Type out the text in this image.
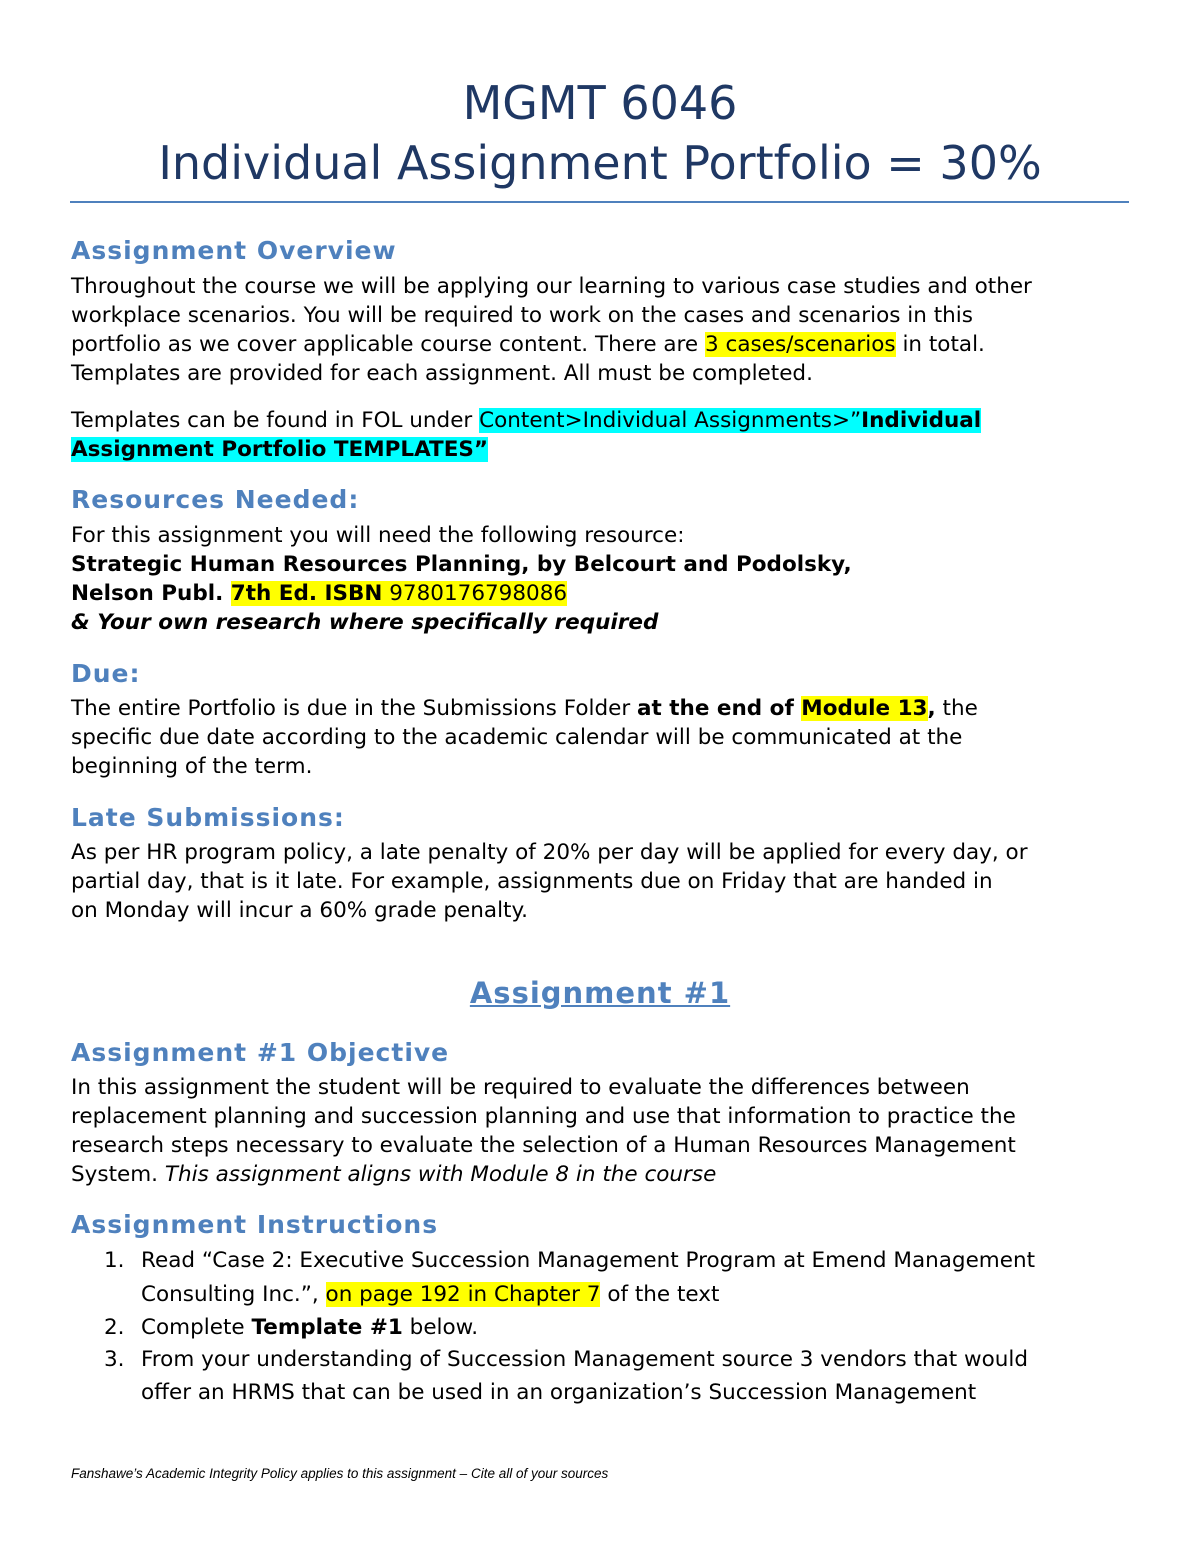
MGMT 6046
Individual Assignment Portfolio = 30%
Assignment Overview
Throughout the course we will be applying our learning to various case studies and other
workplace scenarios. You will be required to work on the cases and scenarios in this
portfolio as we cover applicable course content. There are 3 cases/scenarios in total.
Templates are provided for each assignment. All must be completed.
Templates can be found in FOL under Content>Individual Assignments>”Individual
Assignment Portfolio TEMPLATES”
Resources Needed:
For this assignment you will need the following resource:
Strategic Human Resources Planning, by Belcourt and Podolsky,
Nelson Publ. 7th Ed. ISBN 9780176798086
& Your own research where specifically required
Due:
The entire Portfolio is due in the Submissions Folder at the end of Module 13, the
specific due date according to the academic calendar will be communicated at the
beginning of the term.
Late Submissions:
As per HR program policy, a late penalty of 20% per day will be applied for every day, or
partial day, that is it late. For example, assignments due on Friday that are handed in
on Monday will incur a 60% grade penalty.
Assignment #1
Assignment #1 Objective
In this assignment the student will be required to evaluate the differences between
replacement planning and succession planning and use that information to practice the
research steps necessary to evaluate the selection of a Human Resources Management
System. This assignment aligns with Module 8 in the course
Assignment Instructions
1. Read “Case 2: Executive Succession Management Program at Emend Management
Consulting Inc.”, on page 192 in Chapter 7 of the text
2. Complete Template #1 below.
3. From your understanding of Succession Management source 3 vendors that would
offer an HRMS that can be used in an organization’s Succession Management
Fanshawe’s Academic Integrity Policy applies to this assignment – Cite all of your sources
